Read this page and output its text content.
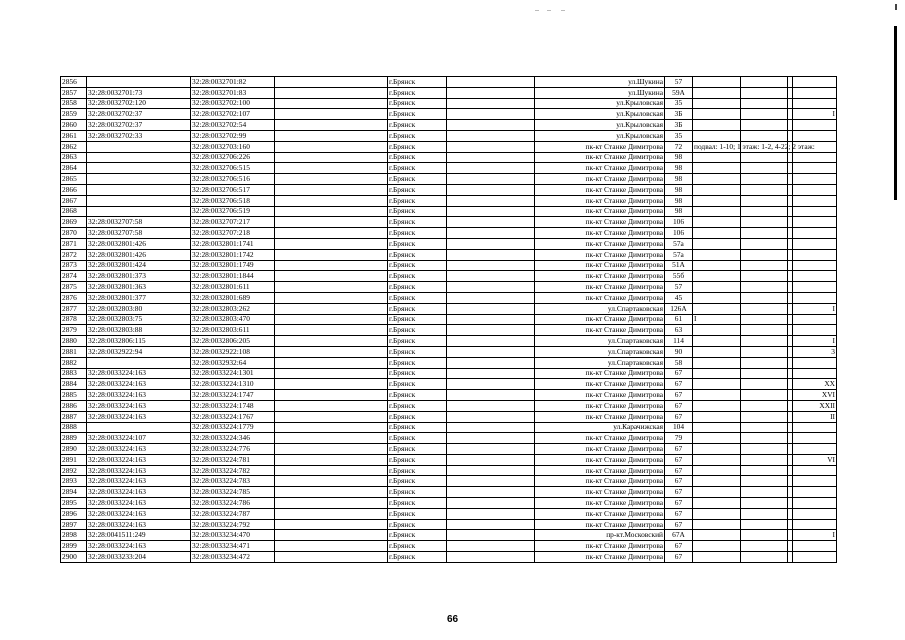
2856		32:28:0032701:82		г.Брянск		ул.Шукина	57				
2857	32:28:0032701:73	32:28:0032701:83		г.Брянск		ул.Шукина	59А				
2858	32:28:0032702:120	32:28:0032702:100		г.Брянск		ул.Крыловская	35				
2859	32:28:0032702:37	32:28:0032702:107		г.Брянск		ул.Крыловская	3Б				I
2860	32:28:0032702:37	32:28:0032702:54		г.Брянск		ул.Крыловская	3Б				
2861	32:28:0032702:33	32:28:0032702:99		г.Брянск		ул.Крыловская	35				
2862		32:28:0032703:160		г.Брянск		пк-кт Станке Димитрова	72	подвал: 1-10; 1 этаж: 1-2, 4-22; 2 этаж:			
2863		32:28:0032706:226		г.Брянск		пк-кт Станке Димитрова	98				
2864		32:28:0032706:515		г.Брянск		пк-кт Станке Димитрова	98				
2865		32:28:0032706:516		г.Брянск		пк-кт Станке Димитрова	98				
2866		32:28:0032706:517		г.Брянск		пк-кт Станке Димитрова	98				
2867		32:28:0032706:518		г.Брянск		пк-кт Станке Димитрова	98				
2868		32:28:0032706:519		г.Брянск		пк-кт Станке Димитрова	98				
2869	32:28:0032707:58	32:28:0032707:217		г.Брянск		пк-кт Станке Димитрова	106				
2870	32:28:0032707:58	32:28:0032707:218		г.Брянск		пк-кт Станке Димитрова	106				
2871	32:28:0032801:426	32:28:0032801:1741		г.Брянск		пк-кт Станке Димитрова	57а				
2872	32:28:0032801:426	32:28:0032801:1742		г.Брянск		пк-кт Станке Димитрова	57а				
2873	32:28:0032801:424	32:28:0032801:1749		г.Брянск		пк-кт Станке Димитрова	51А				
2874	32:28:0032801:373	32:28:0032801:1844		г.Брянск		пк-кт Станке Димитрова	55б				
2875	32:28:0032801:363	32:28:0032801:611		г.Брянск		пк-кт Станке Димитрова	57				
2876	32:28:0032801:377	32:28:0032801:689		г.Брянск		пк-кт Станке Димитрова	45				
2877	32:28:0032803:80	32:28:0032803:262		г.Брянск		ул.Спартаковская	126А				I
2878	32:28:0032803:75	32:28:0032803:470		г.Брянск		пк-кт Станке Димитрова	61	I			
2879	32:28:0032803:88	32:28:0032803:611		г.Брянск		пк-кт Станке Димитрова	63				
2880	32:28:0032806:115	32:28:0032806:205		г.Брянск		ул.Спартаковская	114				I
2881	32:28:0032922:94	32:28:0032922:108		г.Брянск		ул.Спартаковская	90				3
2882		32:28:0032932:64		г.Брянск		ул.Спартаковская	58				
2883	32:28:0033224:163	32:28:0033224:1301		г.Брянск		пк-кт Станке Димитрова	67				
2884	32:28:0033224:163	32:28:0033224:1310		г.Брянск		пк-кт Станке Димитрова	67				XX
2885	32:28:0033224:163	32:28:0033224:1747		г.Брянск		пк-кт Станке Димитрова	67				XVI
2886	32:28:0033224:163	32:28:0033224:1748		г.Брянск		пк-кт Станке Димитрова	67				XXII
2887	32:28:0033224:163	32:28:0033224:1767		г.Брянск		пк-кт Станке Димитрова	67				II
2888		32:28:0033224:1779		г.Брянск		ул.Карачижская	104				
2889	32:28:0033224:107	32:28:0033224:346		г.Брянск		пк-кт Станке Димитрова	79				
2890	32:28:0033224:163	32:28:0033224:776		г.Брянск		пк-кт Станке Димитрова	67				
2891	32:28:0033224:163	32:28:0033224:781		г.Брянск		пк-кт Станке Димитрова	67				VI
2892	32:28:0033224:163	32:28:0033224:782		г.Брянск		пк-кт Станке Димитрова	67				
2893	32:28:0033224:163	32:28:0033224:783		г.Брянск		пк-кт Станке Димитрова	67				
2894	32:28:0033224:163	32:28:0033224:785		г.Брянск		пк-кт Станке Димитрова	67				
2895	32:28:0033224:163	32:28:0033224:786		г.Брянск		пк-кт Станке Димитрова	67				
2896	32:28:0033224:163	32:28:0033224:787		г.Брянск		пк-кт Станке Димитрова	67				
2897	32:28:0033224:163	32:28:0033224:792		г.Брянск		пк-кт Станке Димитрова	67				
2898	32:28:0041511:249	32:28:0033234:470		г.Брянск		пр-кт.Московский	67А				I
2899	32:28:0033224:163	32:28:0033234:471		г.Брянск		пк-кт Станке Димитрова	67				
2900	32:28:0033233:204	32:28:0033234:472		г.Брянск		пк-кт Станке Димитрова	67				
66
